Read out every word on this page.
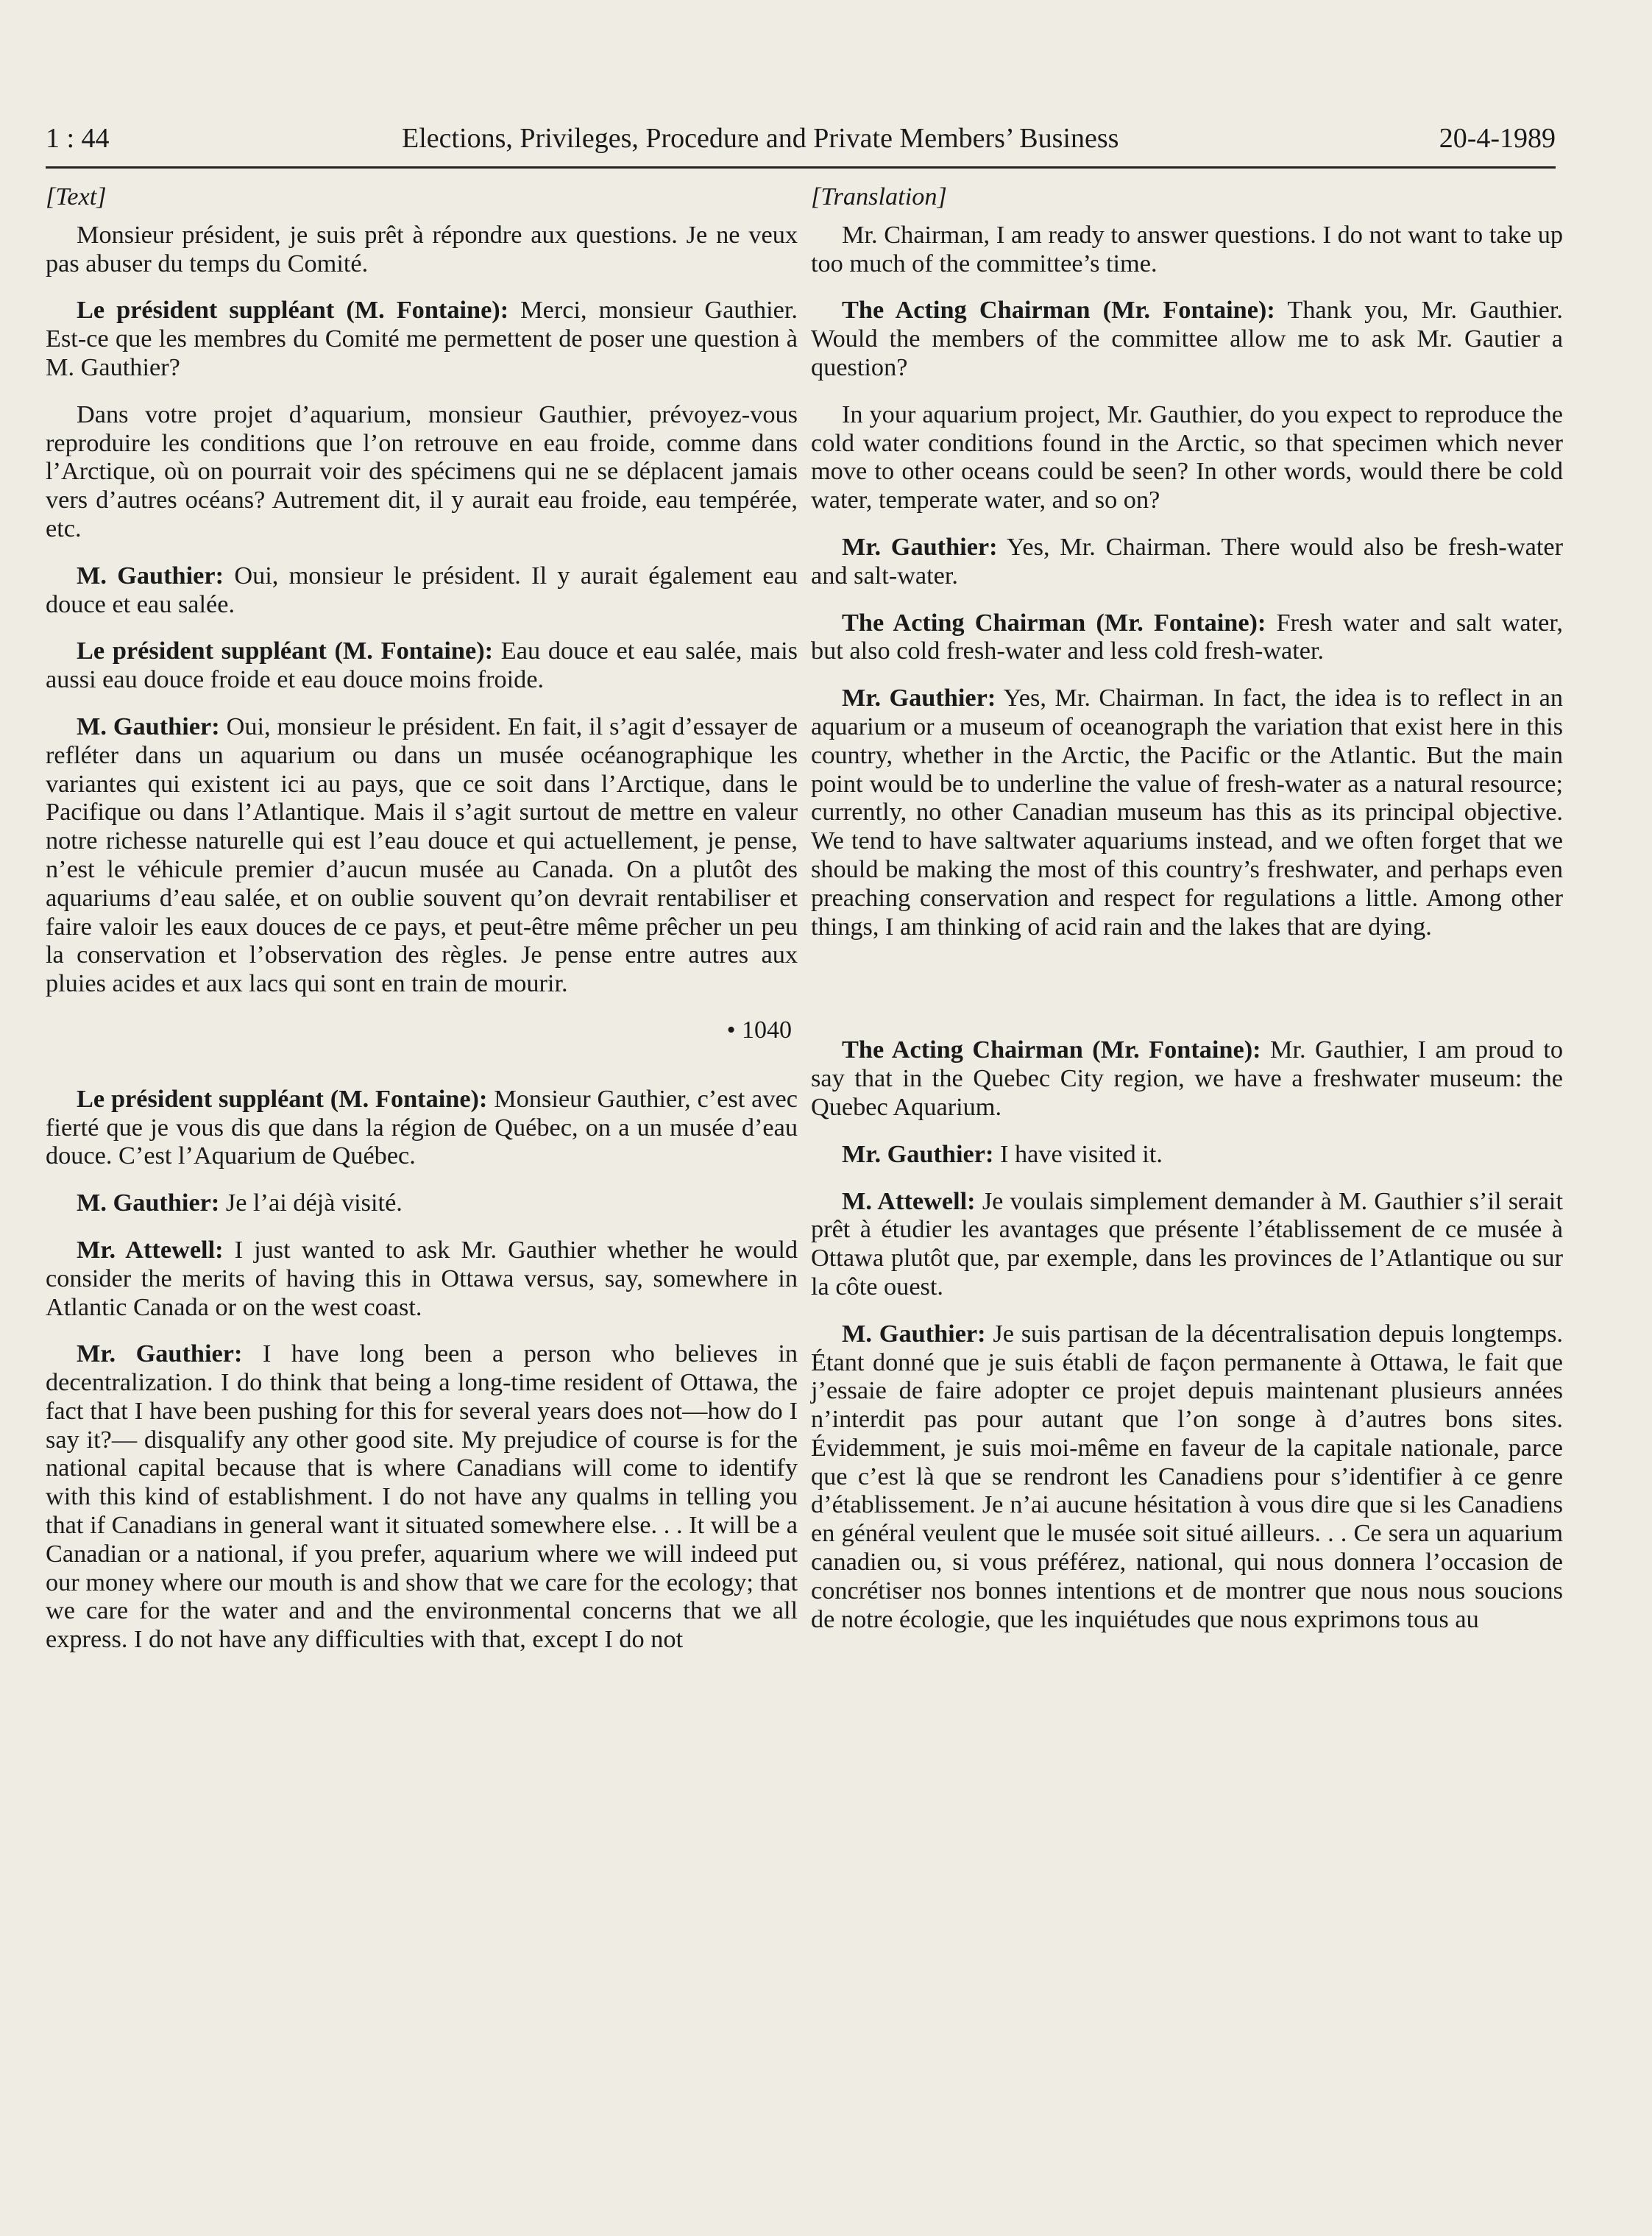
1 : 44	Elections, Privileges, Procedure and Private Members’ Business	20-4-1989
[Text]

Monsieur président, je suis prêt à répondre aux questions. Je ne veux pas abuser du temps du Comité.

Le président suppléant (M. Fontaine): Merci, monsieur Gauthier. Est-ce que les membres du Comité me permettent de poser une question à M. Gauthier?

Dans votre projet d’aquarium, monsieur Gauthier, prévoyez-vous reproduire les conditions que l’on retrouve en eau froide, comme dans l’Arctique, où on pourrait voir des spécimens qui ne se déplacent jamais vers d’autres océans? Autrement dit, il y aurait eau froide, eau tempérée, etc.

M. Gauthier: Oui, monsieur le président. Il y aurait également eau douce et eau salée.

Le président suppléant (M. Fontaine): Eau douce et eau salée, mais aussi eau douce froide et eau douce moins froide.

M. Gauthier: Oui, monsieur le président. En fait, il s’agit d’essayer de refléter dans un aquarium ou dans un musée océanographique les variantes qui existent ici au pays, que ce soit dans l’Arctique, dans le Pacifique ou dans l’Atlantique. Mais il s’agit surtout de mettre en valeur notre richesse naturelle qui est l’eau douce et qui actuellement, je pense, n’est le véhicule premier d’aucun musée au Canada. On a plutôt des aquariums d’eau salée, et on oublie souvent qu’on devrait rentabiliser et faire valoir les eaux douces de ce pays, et peut-être même prêcher un peu la conservation et l’observation des règles. Je pense entre autres aux pluies acides et aux lacs qui sont en train de mourir.

• 1040

Le président suppléant (M. Fontaine): Monsieur Gauthier, c’est avec fierté que je vous dis que dans la région de Québec, on a un musée d’eau douce. C’est l’Aquarium de Québec.

M. Gauthier: Je l’ai déjà visité.

Mr. Attewell: I just wanted to ask Mr. Gauthier whether he would consider the merits of having this in Ottawa versus, say, somewhere in Atlantic Canada or on the west coast.

Mr. Gauthier: I have long been a person who believes in decentralization. I do think that being a long-time resident of Ottawa, the fact that I have been pushing for this for several years does not—how do I say it?— disqualify any other good site. My prejudice of course is for the national capital because that is where Canadians will come to identify with this kind of establishment. I do not have any qualms in telling you that if Canadians in general want it situated somewhere else. . . It will be a Canadian or a national, if you prefer, aquarium where we will indeed put our money where our mouth is and show that we care for the ecology; that we care for the water and and the environmental concerns that we all express. I do not have any difficulties with that, except I do not

[Translation]

Mr. Chairman, I am ready to answer questions. I do not want to take up too much of the committee’s time.

The Acting Chairman (Mr. Fontaine): Thank you, Mr. Gauthier. Would the members of the committee allow me to ask Mr. Gautier a question?

In your aquarium project, Mr. Gauthier, do you expect to reproduce the cold water conditions found in the Arctic, so that specimen which never move to other oceans could be seen? In other words, would there be cold water, temperate water, and so on?

Mr. Gauthier: Yes, Mr. Chairman. There would also be fresh-water and salt-water.

The Acting Chairman (Mr. Fontaine): Fresh water and salt water, but also cold fresh-water and less cold fresh-water.

Mr. Gauthier: Yes, Mr. Chairman. In fact, the idea is to reflect in an aquarium or a museum of oceanograph the variation that exist here in this country, whether in the Arctic, the Pacific or the Atlantic. But the main point would be to underline the value of fresh-water as a natural resource; currently, no other Canadian museum has this as its principal objective. We tend to have saltwater aquariums instead, and we often forget that we should be making the most of this country’s freshwater, and perhaps even preaching conservation and respect for regulations a little. Among other things, I am thinking of acid rain and the lakes that are dying.

The Acting Chairman (Mr. Fontaine): Mr. Gauthier, I am proud to say that in the Quebec City region, we have a freshwater museum: the Quebec Aquarium.

Mr. Gauthier: I have visited it.

M. Attewell: Je voulais simplement demander à M. Gauthier s’il serait prêt à étudier les avantages que présente l’établissement de ce musée à Ottawa plutôt que, par exemple, dans les provinces de l’Atlantique ou sur la côte ouest.

M. Gauthier: Je suis partisan de la décentralisation depuis longtemps. Étant donné que je suis établi de façon permanente à Ottawa, le fait que j’essaie de faire adopter ce projet depuis maintenant plusieurs années n’interdit pas pour autant que l’on songe à d’autres bons sites. Évidemment, je suis moi-même en faveur de la capitale nationale, parce que c’est là que se rendront les Canadiens pour s’identifier à ce genre d’établissement. Je n’ai aucune hésitation à vous dire que si les Canadiens en général veulent que le musée soit situé ailleurs. . . Ce sera un aquarium canadien ou, si vous préférez, national, qui nous donnera l’occasion de concrétiser nos bonnes intentions et de montrer que nous nous soucions de notre écologie, que les inquiétudes que nous exprimons tous au
